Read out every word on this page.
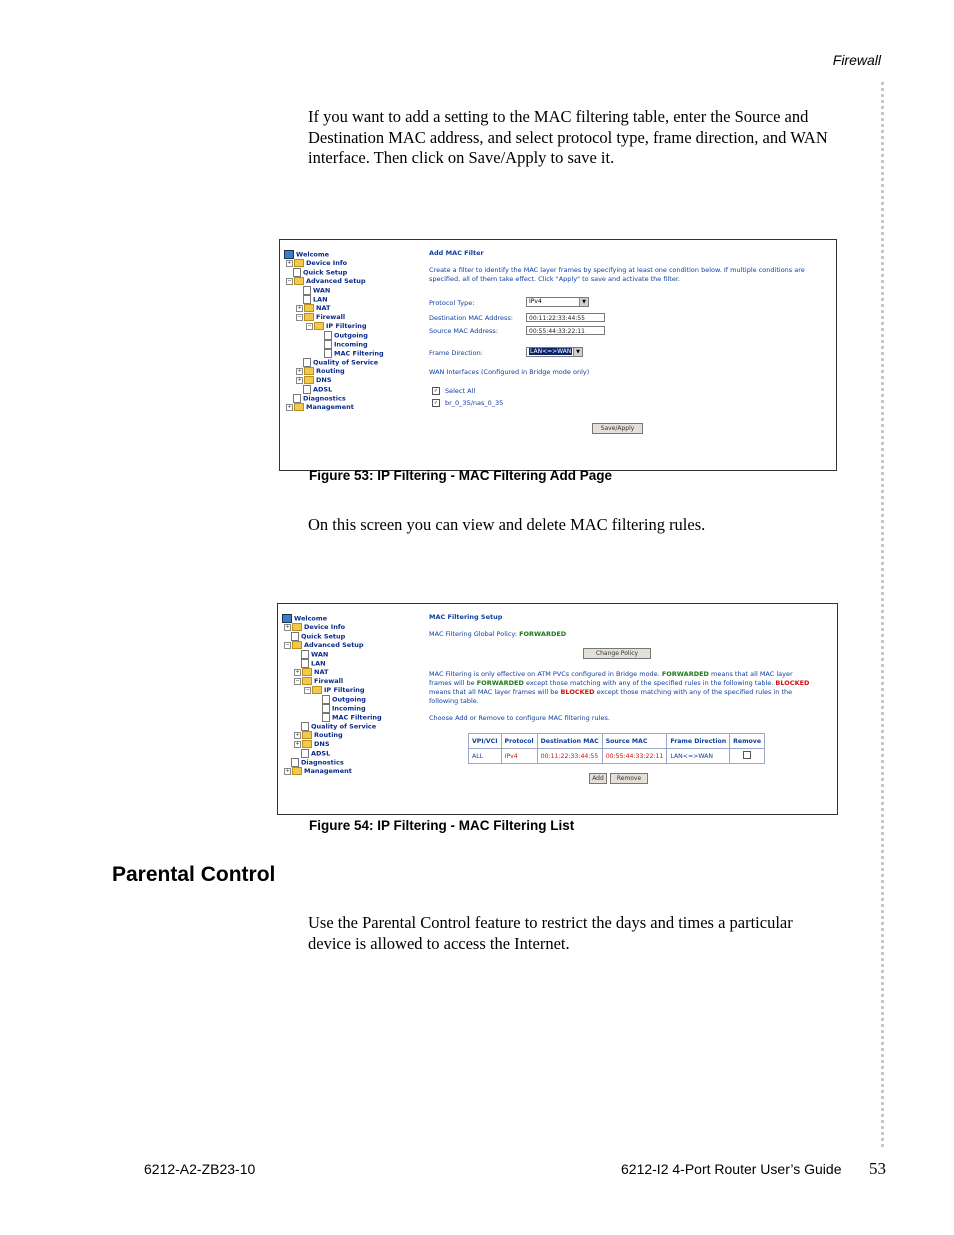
Firewall
If you want to add a setting to the MAC filtering table, enter the Source and Destination MAC address, and select protocol type, frame direction, and WAN interface. Then click on Save/Apply to save it.
Welcome
+ Device Info
Quick Setup
− Advanced Setup
WAN
LAN
+ NAT
− Firewall
− IP Filtering
Outgoing
Incoming
MAC Filtering
Quality of Service
+ Routing
+ DNS
ADSL
Diagnostics
+ Management
Add MAC Filter
Create a filter to identify the MAC layer frames by specifying at least one condition below. If multiple conditions are
specified, all of them take effect. Click "Apply" to save and activate the filter.
Protocol Type:	IPv4	▼
Destination MAC Address:	00:11:22:33:44:55
Source MAC Address:	00:55:44:33:22:11
Frame Direction:	LAN<=>WAN ▼
WAN Interfaces (Configured in Bridge mode only)
✓ Select All
✓ br_0_35/nas_0_35
Save/Apply
Figure 53: IP Filtering - MAC Filtering Add Page
On this screen you can view and delete MAC filtering rules.
Welcome
+ Device Info
Quick Setup
− Advanced Setup
WAN
LAN
+ NAT
− Firewall
− IP Filtering
Outgoing
Incoming
MAC Filtering
Quality of Service
+ Routing
+ DNS
ADSL
Diagnostics
+ Management
MAC Filtering Setup
MAC Filtering Global Policy: FORWARDED
Change Policy
MAC Filtering is only effective on ATM PVCs configured in Bridge mode. FORWARDED means that all MAC layer
frames will be FORWARDED except those matching with any of the specified rules in the following table. BLOCKED
means that all MAC layer frames will be BLOCKED except those matching with any of the specified rules in the
following table.
Choose Add or Remove to configure MAC filtering rules.
VPI/VCI	Protocol	Destination MAC	Source MAC	Frame Direction	Remove
ALL	IPv4	00:11:22:33:44:55	00:55:44:33:22:11	LAN<=>WAN	
Add	Remove
Figure 54: IP Filtering - MAC Filtering List
Parental Control
Use the Parental Control feature to restrict the days and times a particular device is allowed to access the Internet.
6212-A2-ZB23-10	6212-I2 4-Port Router User’s Guide 53
